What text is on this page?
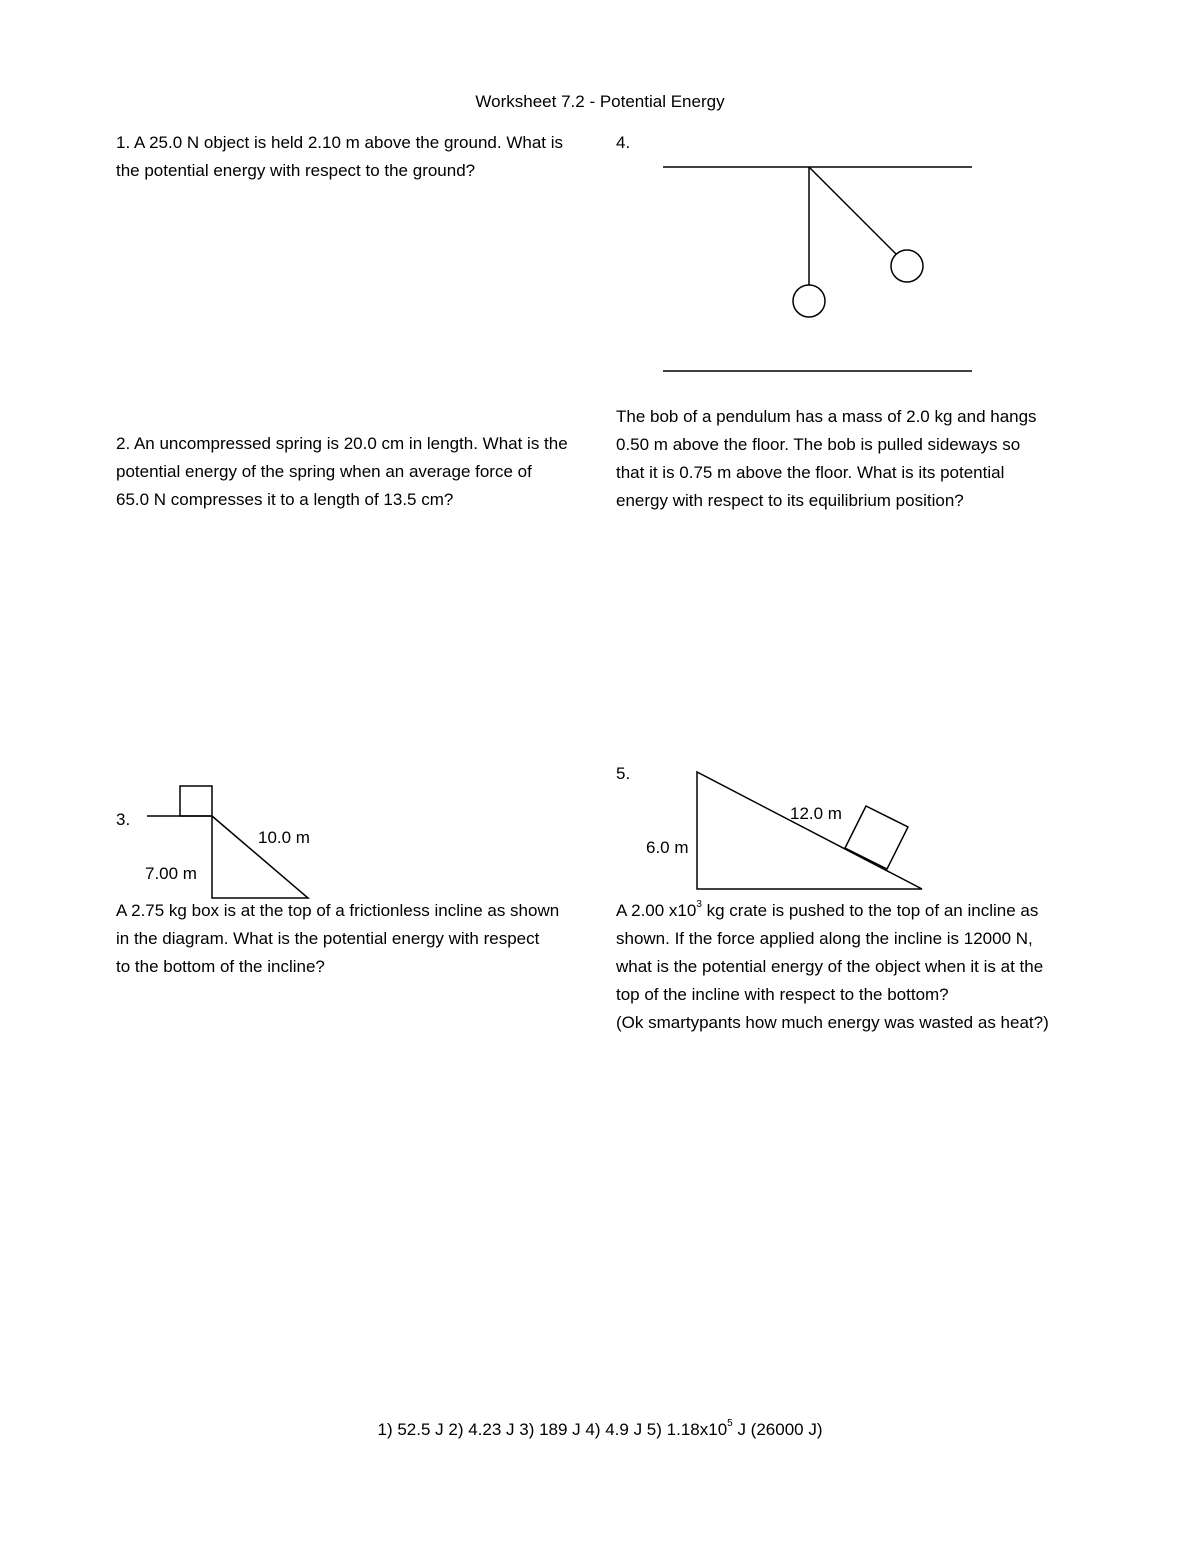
Worksheet 7.2 - Potential Energy
1. A 25.0 N object is held 2.10 m above the ground. What is
the potential energy with respect to the ground?
4.
The bob of a pendulum has a mass of 2.0 kg and hangs
0.50 m above the floor. The bob is pulled sideways so
that it is 0.75 m above the floor. What is its potential
energy with respect to its equilibrium position?
2. An uncompressed spring is 20.0 cm in length. What is the
potential energy of the spring when an average force of
65.0 N compresses it to a length of 13.5 cm?
3.
10.0 m
7.00 m
A 2.75 kg box is at the top of a frictionless incline as shown
in the diagram. What is the potential energy with respect
to the bottom of the incline?
5.
12.0 m
6.0 m
A 2.00 $x10^3$ kg crate is pushed to the top of an incline as
shown. If the force applied along the incline is 12000 N,
what is the potential energy of the object when it is at the
top of the incline with respect to the bottom?
(Ok smartypants how much energy was wasted as heat?)
1) 52.5 J 2) 4.23 J 3) 189 J 4) 4.9 J 5) $1.18x10^5$ J (26000 J)
